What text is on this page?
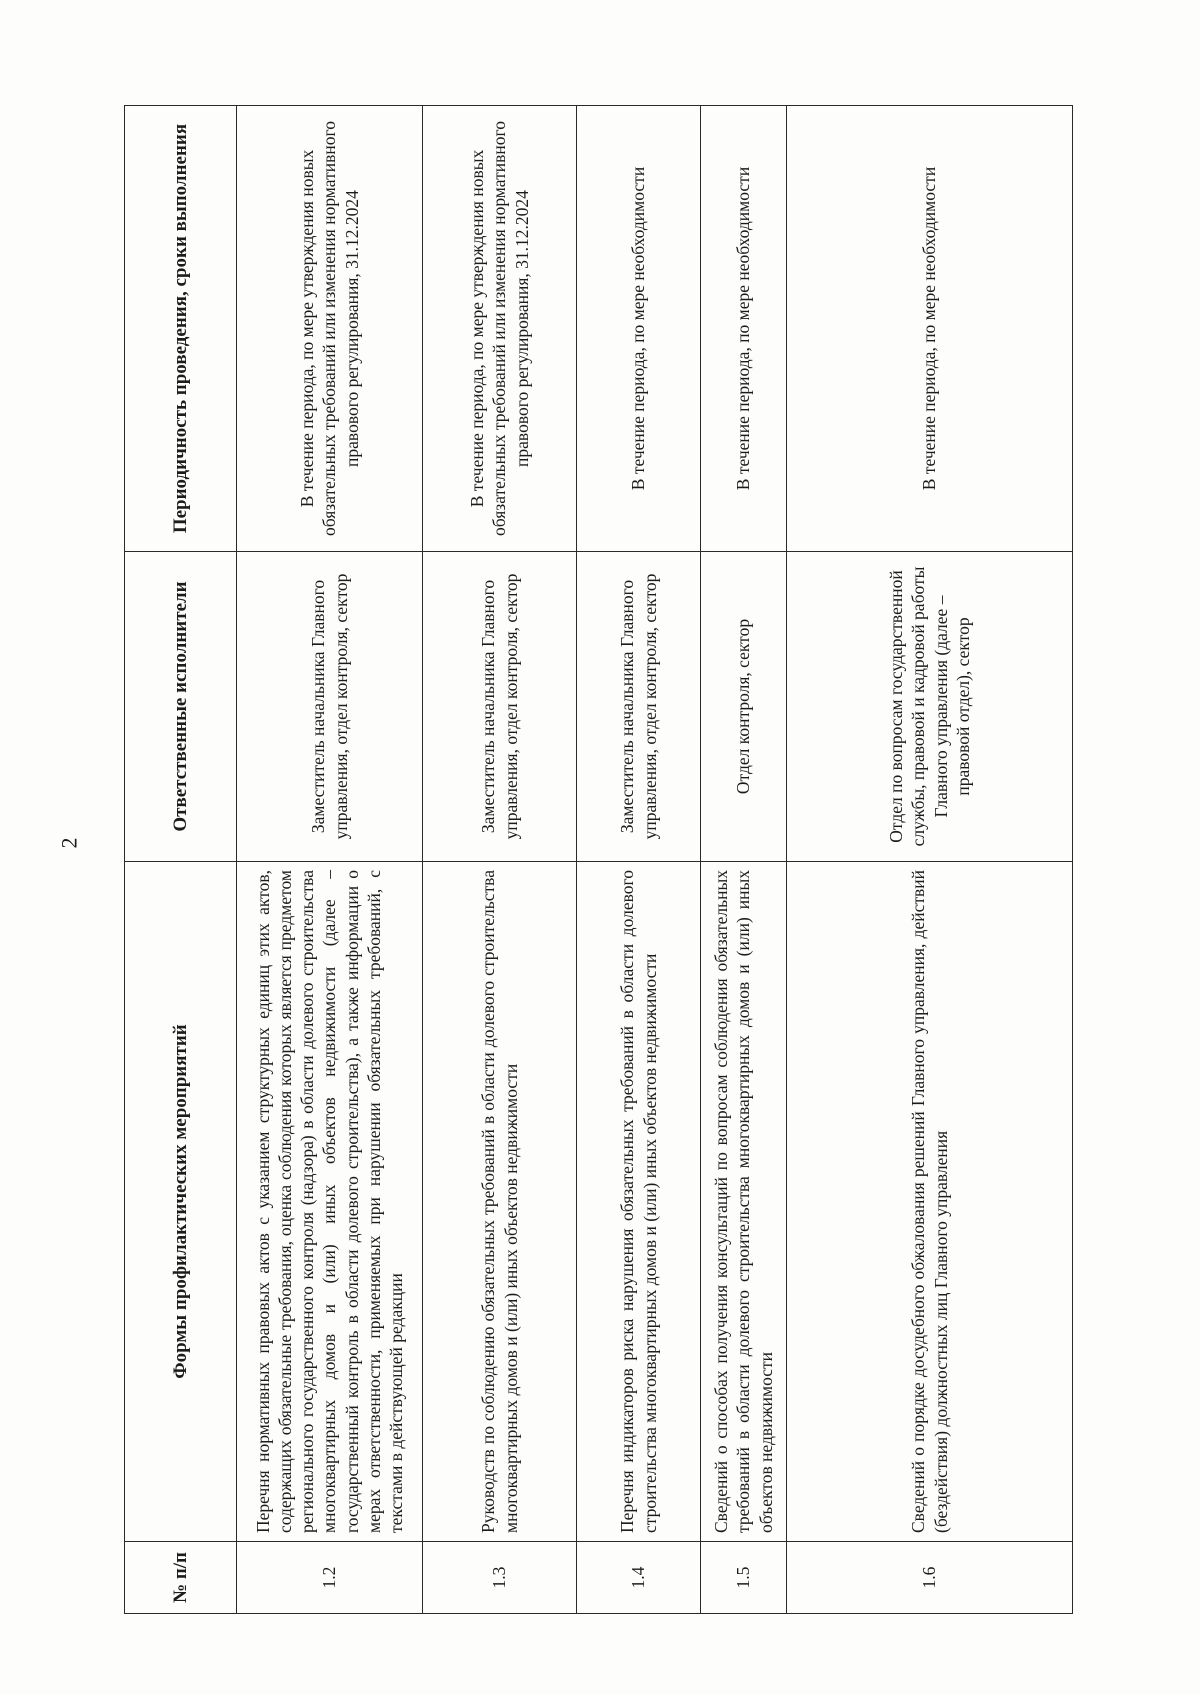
2
№ п/п	Формы профилактических мероприятий	Ответственные исполнители	Периодичность проведения, сроки выполнения
1.2	Перечня нормативных правовых актов с указанием структурных единиц этих актов, содержащих обязательные требования, оценка соблюдения которых является предметом регионального государственного контроля (надзора) в области долевого строительства многоквартирных домов и (или) иных объектов недвижимости (далее – государственный контроль в области долевого строительства), а также информации о мерах ответственности, применяемых при нарушении обязательных требований, с текстами в действующей редакции	Заместитель начальника Главного управления, отдел контроля, сектор	В течение периода, по мере утверждения новых обязательных требований или изменения нормативного правового регулирования, 31.12.2024
1.3	Руководств по соблюдению обязательных требований в области долевого строительства многоквартирных домов и (или) иных объектов недвижимости	Заместитель начальника Главного управления, отдел контроля, сектор	В течение периода, по мере утверждения новых обязательных требований или изменения нормативного правового регулирования, 31.12.2024
1.4	Перечня индикаторов риска нарушения обязательных требований в области долевого строительства многоквартирных домов и (или) иных объектов недвижимости	Заместитель начальника Главного управления, отдел контроля, сектор	В течение периода, по мере необходимости
1.5	Сведений о способах получения консультаций по вопросам соблюдения обязательных требований в области долевого строительства многоквартирных домов и (или) иных объектов недвижимости	Отдел контроля, сектор	В течение периода, по мере необходимости
1.6	Сведений о порядке досудебного обжалования решений Главного управления, действий (бездействия) должностных лиц Главного управления	Отдел по вопросам государственной службы, правовой и кадровой работы Главного управления (далее – правовой отдел), сектор	В течение периода, по мере необходимости
